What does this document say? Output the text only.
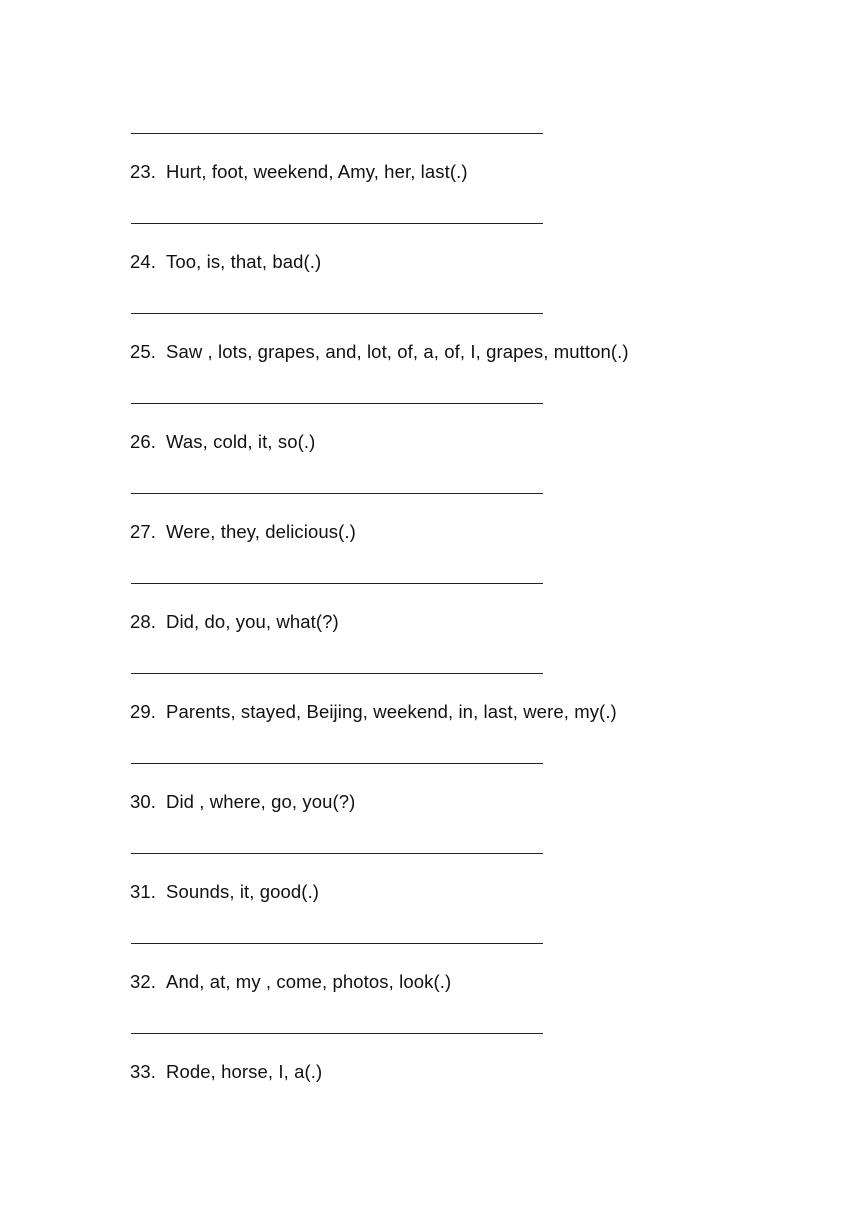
23. Hurt, foot, weekend, Amy, her, last(.)
24. Too, is, that, bad(.)
25. Saw , lots, grapes, and, lot, of, a, of, I, grapes, mutton(.)
26. Was, cold, it, so(.)
27. Were, they, delicious(.)
28. Did, do, you, what(?)
29. Parents, stayed, Beijing, weekend, in, last, were, my(.)
30. Did , where, go, you(?)
31. Sounds, it, good(.)
32. And, at, my , come, photos, look(.)
33. Rode, horse, I, a(.)
